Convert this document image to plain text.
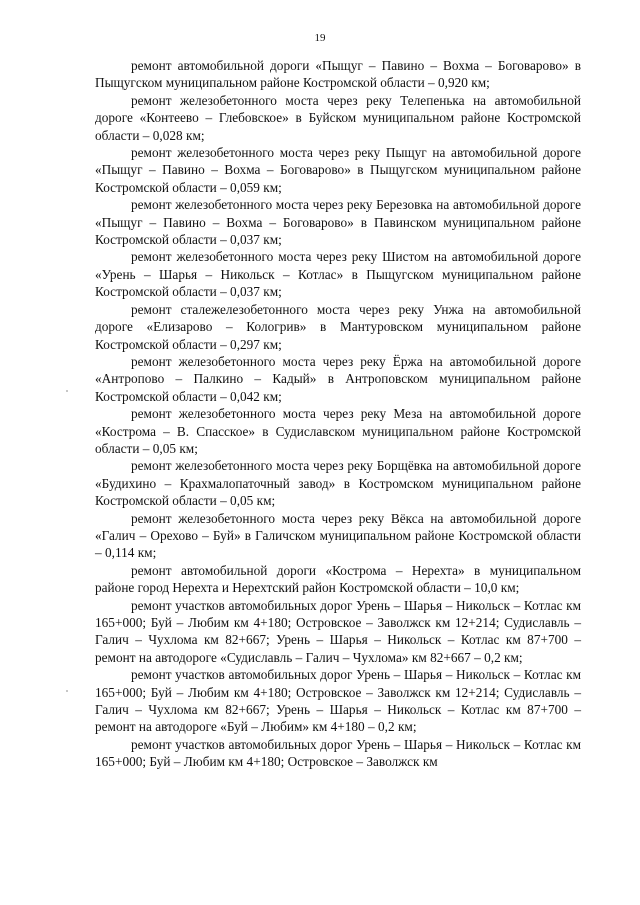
19

ремонт автомобильной дороги «Пыщуг – Павино – Вохма – Боговарово» в Пыщугском муниципальном районе Костромской области – 0,920 км;

ремонт железобетонного моста через реку Телепенька на автомобильной дороге «Контеево – Глебовское» в Буйском муниципальном районе Костромской области – 0,028 км;

ремонт железобетонного моста через реку Пыщуг на автомобильной дороге «Пыщуг – Павино – Вохма – Боговарово» в Пыщугском муниципальном районе Костромской области – 0,059 км;

ремонт железобетонного моста через реку Березовка на автомобильной дороге «Пыщуг – Павино – Вохма – Боговарово» в Павинском муниципальном районе Костромской области – 0,037 км;

ремонт железобетонного моста через реку Шистом на автомобильной дороге «Урень – Шарья – Никольск – Котлас» в Пыщугском муниципальном районе Костромской области – 0,037 км;

ремонт сталежелезобетонного моста через реку Унжа на автомобильной дороге «Елизарово – Кологрив» в Мантуровском муниципальном районе Костромской области – 0,297 км;

ремонт железобетонного моста через реку Ёржа на автомобильной дороге «Антропово – Палкино – Кадый» в Антроповском муниципальном районе Костромской области – 0,042 км;

ремонт железобетонного моста через реку Меза на автомобильной дороге «Кострома – В. Спасское» в Судиславском муниципальном районе Костромской области – 0,05 км;

ремонт железобетонного моста через реку Борщёвка на автомобильной дороге «Будихино – Крахмалопаточный завод» в Костромском муниципальном районе Костромской области – 0,05 км;

ремонт железобетонного моста через реку Вёкса на автомобильной дороге «Галич – Орехово – Буй» в Галичском муниципальном районе Костромской области – 0,114 км;

ремонт автомобильной дороги «Кострома – Нерехта» в муниципальном районе город Нерехта и Нерехтский район Костромской области – 10,0 км;

ремонт участков автомобильных дорог Урень – Шарья – Никольск – Котлас км 165+000; Буй – Любим км 4+180; Островское – Заволжск км 12+214; Судиславль – Галич – Чухлома км 82+667; Урень – Шарья – Никольск – Котлас км 87+700 – ремонт на автодороге «Судиславль – Галич – Чухлома» км 82+667 – 0,2 км;

ремонт участков автомобильных дорог Урень – Шарья – Никольск – Котлас км 165+000; Буй – Любим км 4+180; Островское – Заволжск км 12+214; Судиславль – Галич – Чухлома км 82+667; Урень – Шарья – Никольск – Котлас км 87+700 – ремонт на автодороге «Буй – Любим» км 4+180 – 0,2 км;

ремонт участков автомобильных дорог Урень – Шарья – Никольск – Котлас км 165+000; Буй – Любим км 4+180; Островское – Заволжск км
